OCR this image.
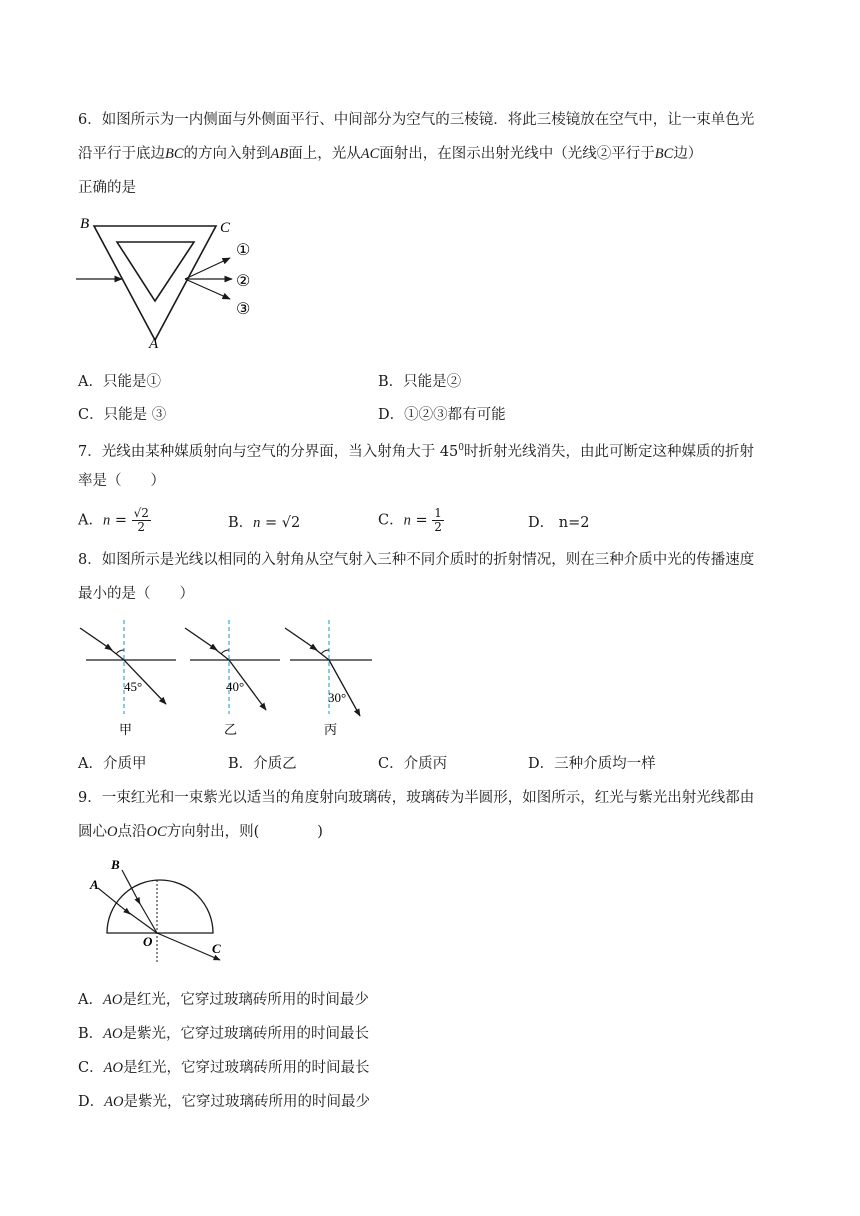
6．如图所示为一内侧面与外侧面平行、中间部分为空气的三棱镜．将此三棱镜放在空气中，让一束单色光
沿平行于底边BC的方向入射到AB面上，光从AC面射出，在图示出射光线中（光线②平行于BC边）
正确的是
B	C
A
①
②
③
A．只能是①	B．只能是②
C．只能是 ③	D．①②③都有可能
7．光线由某种媒质射向与空气的分界面，当入射角大于 $45^0$时折射光线消失，由此可断定这种媒质的折射
率是（　　）
A．$n = \frac{√2}{2}$	B．n = √2	C．$n = \frac{1}{2}$	D． n=2
8．如图所示是光线以相同的入射角从空气射入三种不同介质时的折射情况，则在三种介质中光的传播速度
最小的是（　　）
45°
甲
40°
乙
30°
丙
A．介质甲	B．介质乙	C．介质丙	D．三种介质均一样
9．一束红光和一束紫光以适当的角度射向玻璃砖，玻璃砖为半圆形，如图所示，红光与紫光出射光线都由
圆心O点沿OC方向射出，则(　　　　)
A
B
O	C
A．AO是红光，它穿过玻璃砖所用的时间最少
B．AO是紫光，它穿过玻璃砖所用的时间最长
C．AO是红光，它穿过玻璃砖所用的时间最长
D．AO是紫光，它穿过玻璃砖所用的时间最少
